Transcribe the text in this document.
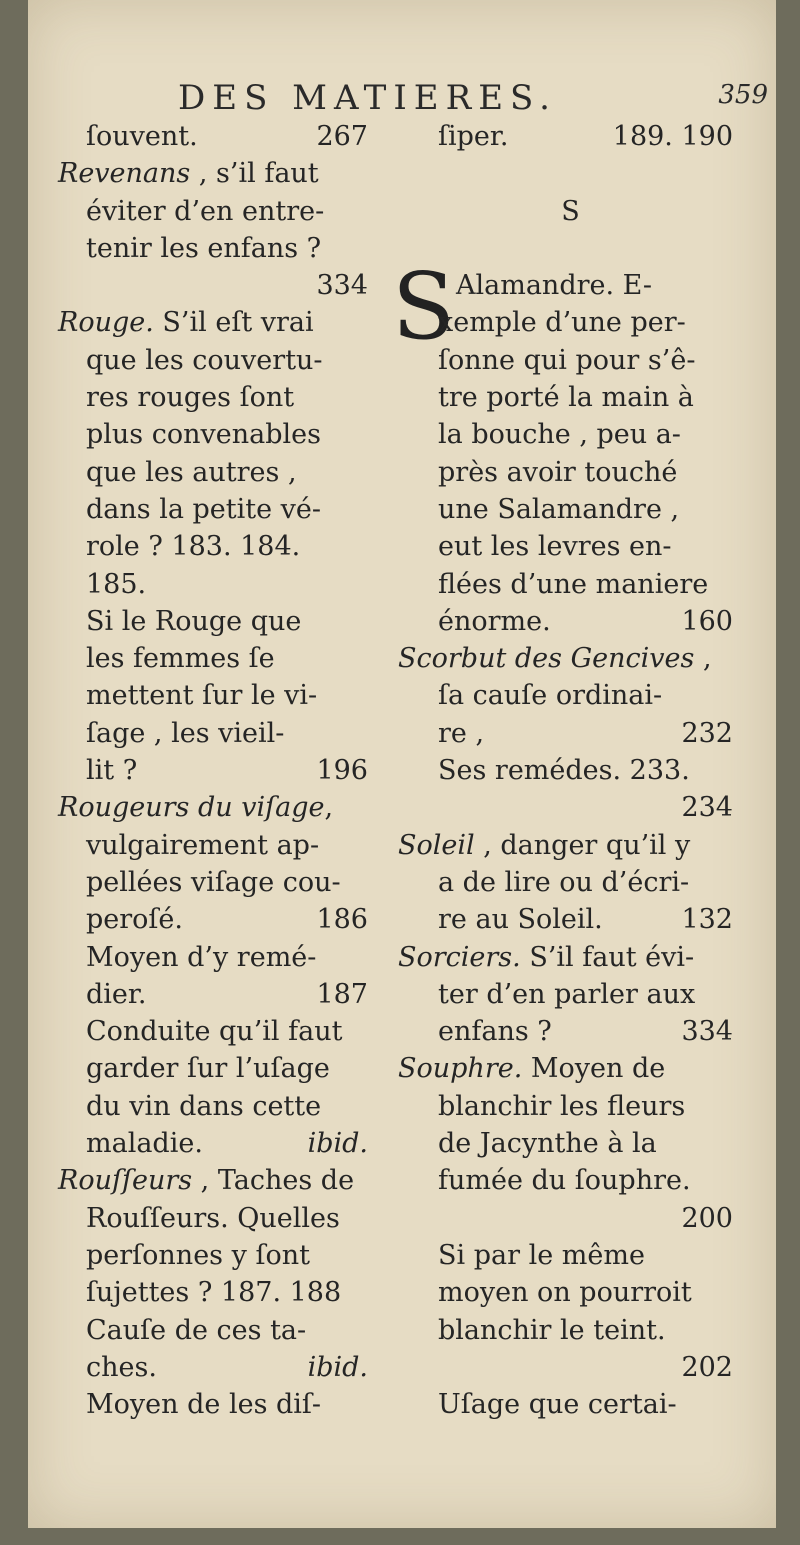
DES MATIERES.	359
ſouvent.	267
Revenans , s’il faut
éviter d’en entre-
tenir les enfans ?
334
Rouge. S’il eſt vrai
que les couvertu-
res rouges ſont
plus convenables
que les autres ,
dans la petite vé-
role ? 183. 184.
185.
Si le Rouge que
les femmes ſe
mettent ſur le vi-
ſage , les vieil-
lit ?	196
Rougeurs du viſage,
vulgairement ap-
pellées viſage cou-
peroſé.	186
Moyen d’y remé-
dier.	187
Conduite qu’il faut
garder ſur l’uſage
du vin dans cette
maladie.	ibid.
Rouſſeurs , Taches de
Rouſſeurs. Quelles
perſonnes y ſont
ſujettes ? 187. 188
Cauſe de ces ta-
ches.	ibid.
Moyen de les diſ-
ſiper.	189. 190
S
S Alamandre. E-
xemple d’une per-
ſonne qui pour s’ê-
tre porté la main à
la bouche , peu a-
près avoir touché
une Salamandre ,
eut les levres en-
flées d’une maniere
énorme.	160
Scorbut des Gencives ,
ſa cauſe ordinai-
re ,	232
Ses remédes. 233.
234
Soleil , danger qu’il y
a de lire ou d’écri-
re au Soleil.	132
Sorciers. S’il faut évi-
ter d’en parler aux
enfans ?	334
Souphre. Moyen de
blanchir les fleurs
de Jacynthe à la
fumée du ſouphre.
200
Si par le même
moyen on pourroit
blanchir le teint.
202
Uſage que certai-
